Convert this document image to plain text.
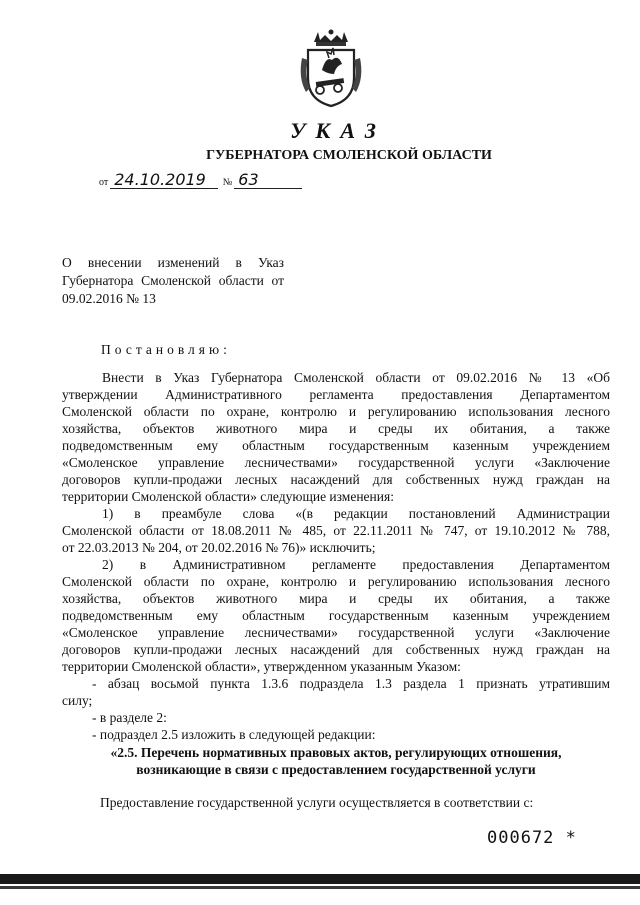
УКАЗ
ГУБЕРНАТОРА СМОЛЕНСКОЙ ОБЛАСТИ
от 24.10.2019 № 63
О внесении изменений в Указ
Губернатора Смоленской области от
09.02.2016 № 13
Постановляю:
Внести в Указ Губернатора Смоленской области от 09.02.2016 № 13 «Об
утверждении Административного регламента предоставления Департаментом
Смоленской области по охране, контролю и регулированию использования лесного
хозяйства, объектов животного мира и среды их обитания, а также
подведомственным ему областным государственным казенным учреждением
«Смоленское управление лесничествами» государственной услуги «Заключение
договоров купли-продажи лесных насаждений для собственных нужд граждан на
территории Смоленской области» следующие изменения:
1) в преамбуле слова «(в редакции постановлений Администрации
Смоленской области от 18.08.2011 № 485, от 22.11.2011 № 747, от 19.10.2012 № 788,
от 22.03.2013 № 204, от 20.02.2016 № 76)» исключить;
2) в Административном регламенте предоставления Департаментом
Смоленской области по охране, контролю и регулированию использования лесного
хозяйства, объектов животного мира и среды их обитания, а также
подведомственным ему областным государственным казенным учреждением
«Смоленское управление лесничествами» государственной услуги «Заключение
договоров купли-продажи лесных насаждений для собственных нужд граждан на
территории Смоленской области», утвержденном указанным Указом:
- абзац восьмой пункта 1.3.6 подраздела 1.3 раздела 1 признать утратившим
силу;
- в разделе 2:
- подраздел 2.5 изложить в следующей редакции:
«2.5. Перечень нормативных правовых актов, регулирующих отношения,
возникающие в связи с предоставлением государственной услуги
Предоставление государственной услуги осуществляется в соответствии с:
000672 *
